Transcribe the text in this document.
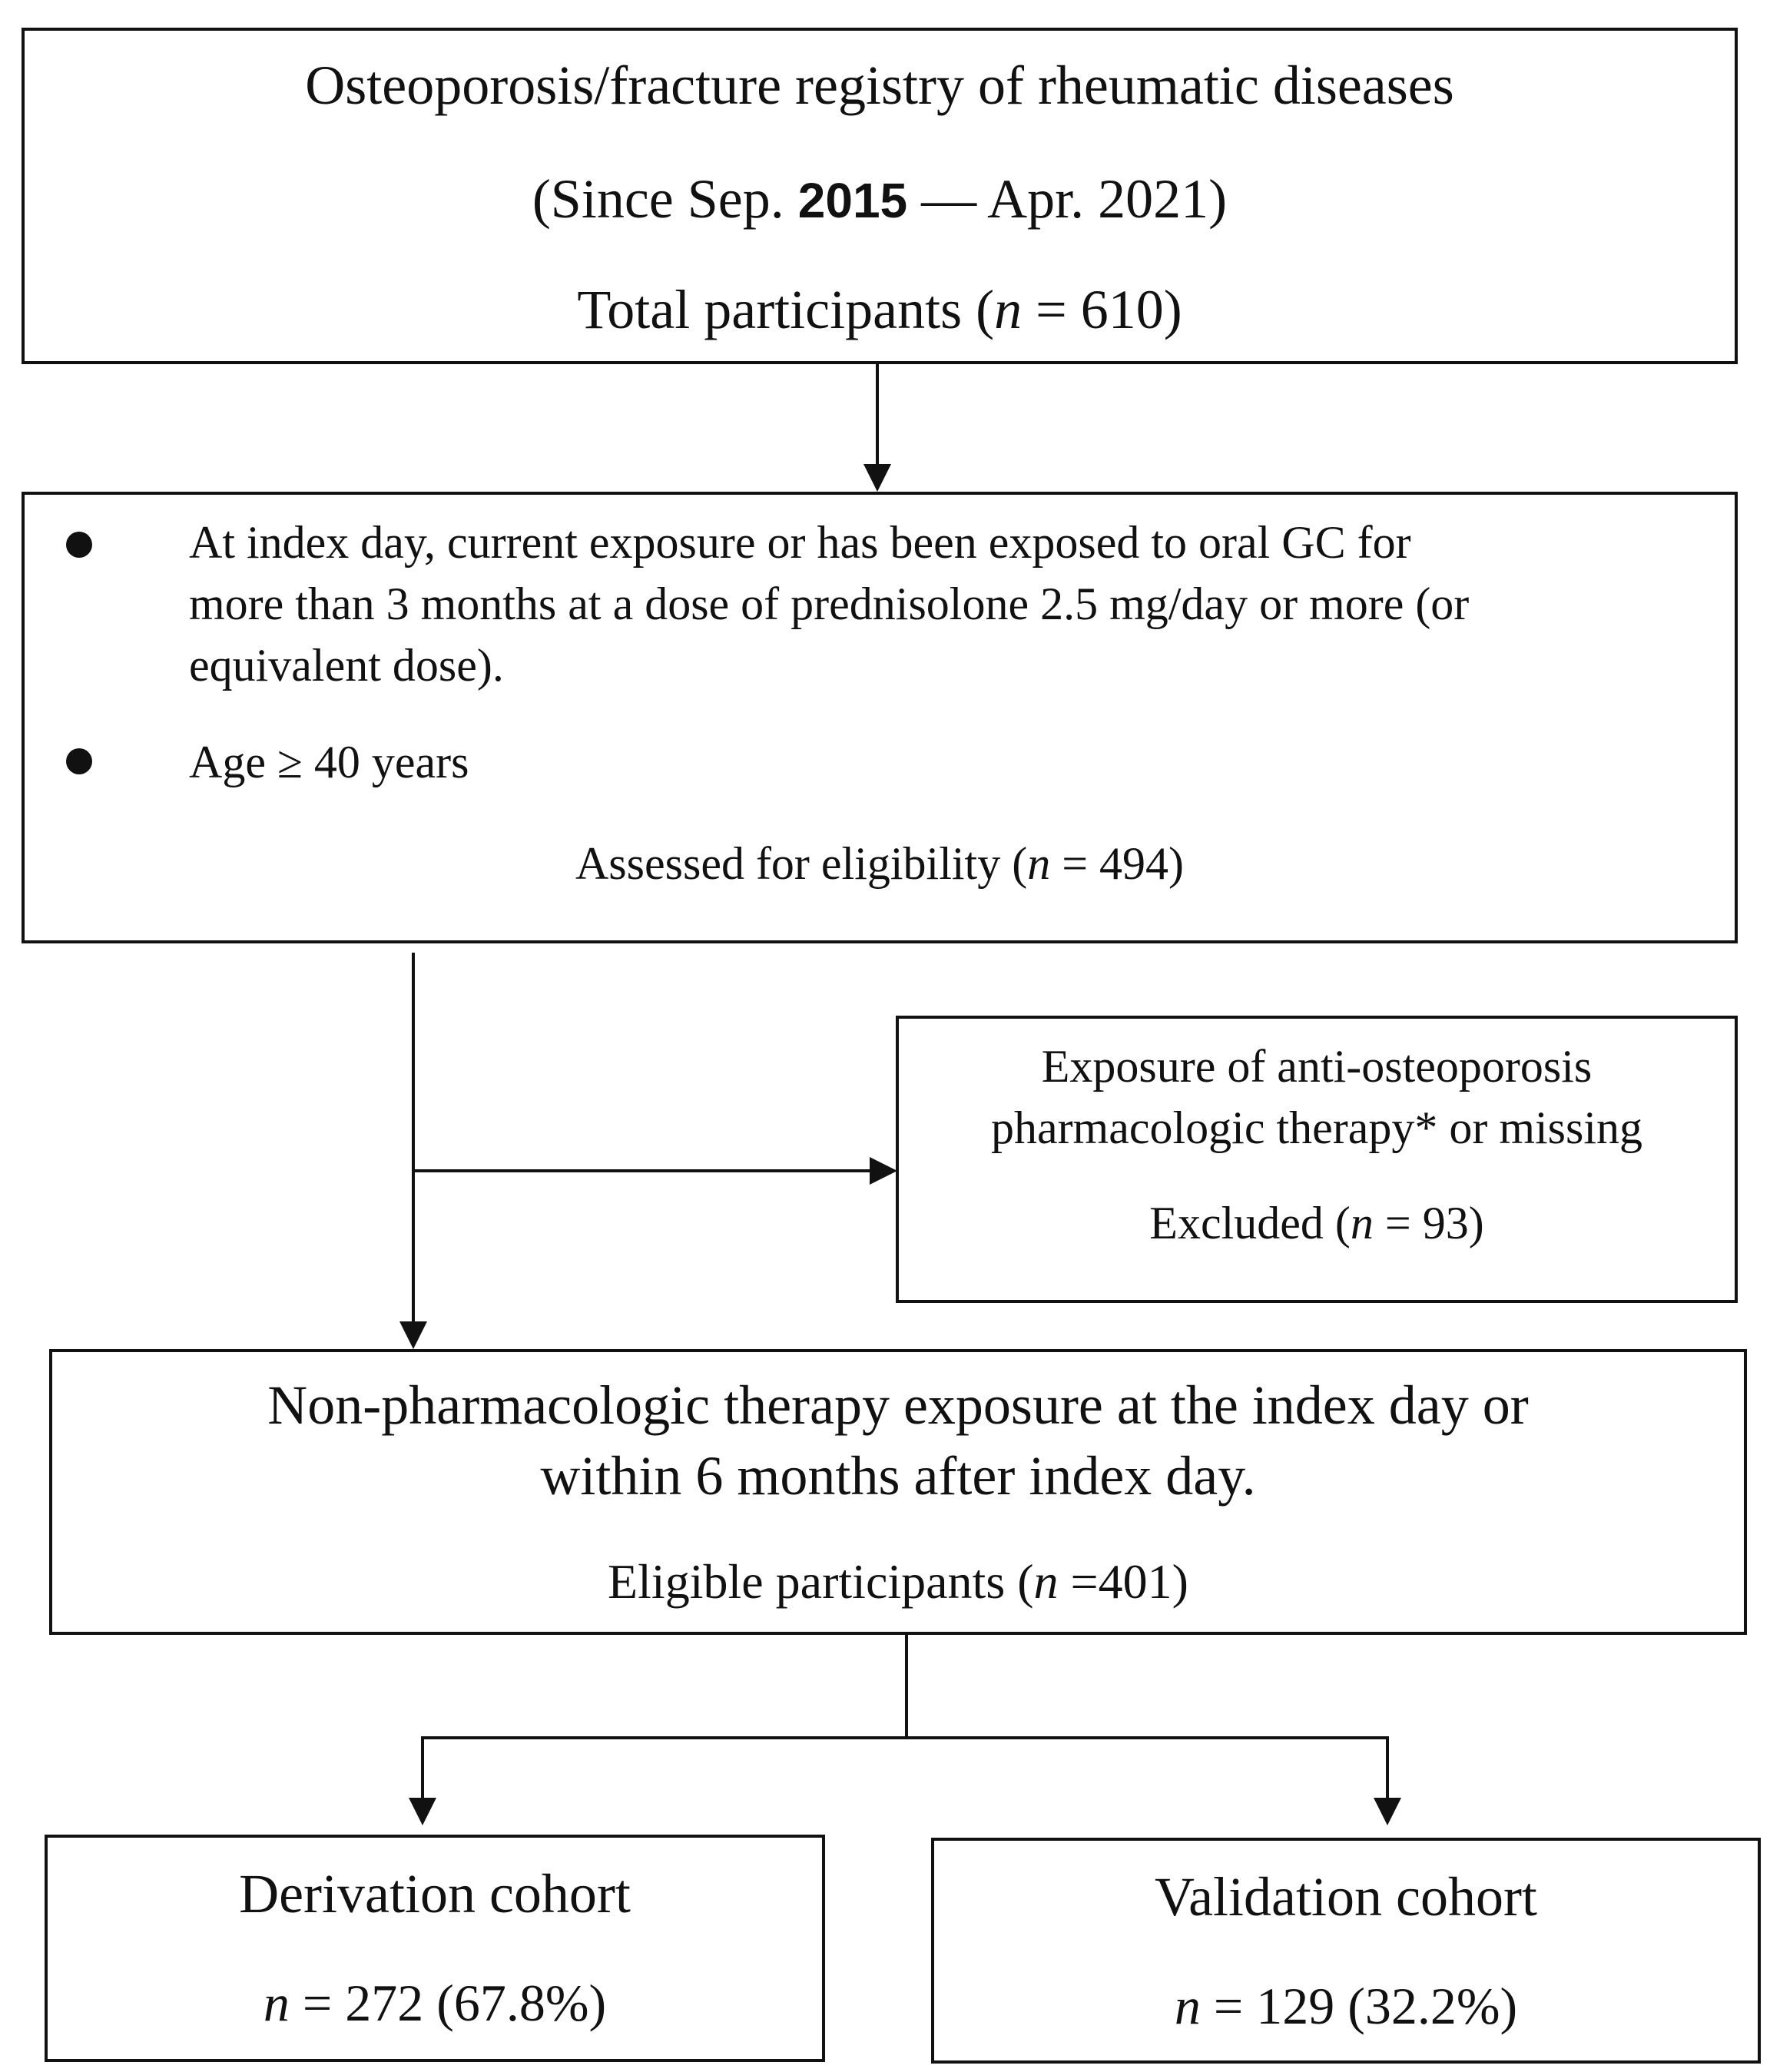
Osteoporosis/fracture registry of rheumatic diseases
(Since Sep. 2015 — Apr. 2021)
Total participants (n = 610)
At index day, current exposure or has been exposed to oral GC for
more than 3 months at a dose of prednisolone 2.5 mg/day or more (or
equivalent dose).
Age ≥ 40 years
Assessed for eligibility (n = 494)
Exposure of anti-osteoporosis
pharmacologic therapy* or missing
Excluded (n = 93)
Non-pharmacologic therapy exposure at the index day or
within 6 months after index day.
Eligible participants (n =401)
Derivation cohort
n = 272 (67.8%)
Validation cohort
n = 129 (32.2%)
